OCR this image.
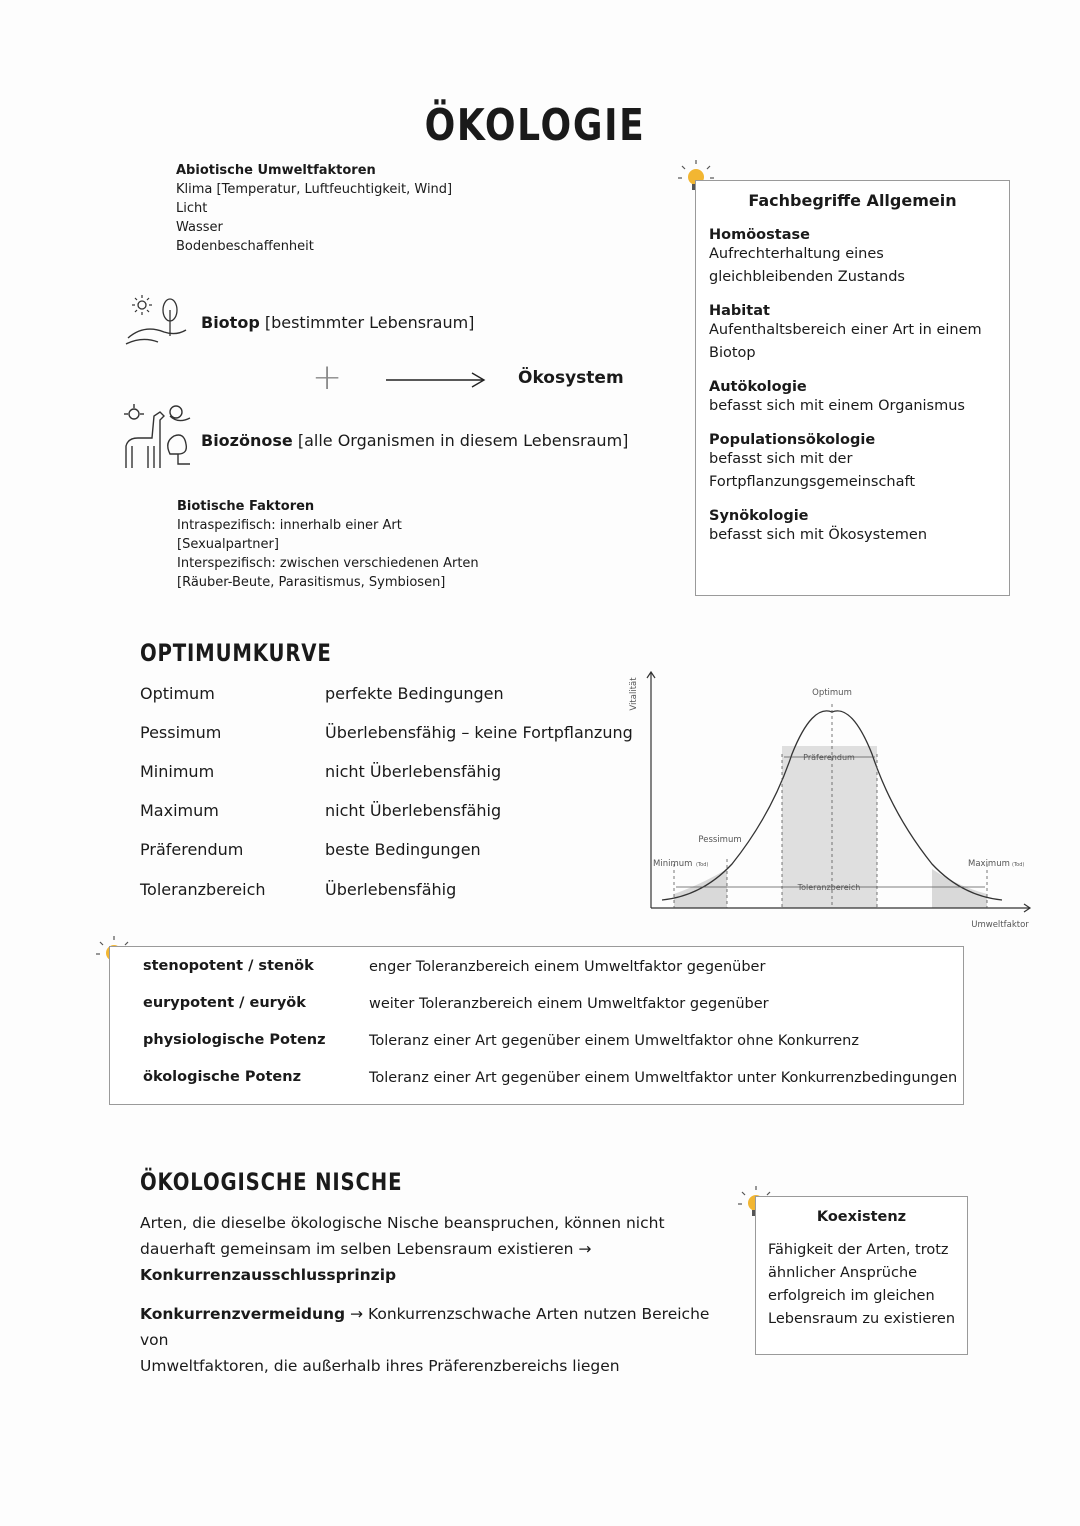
ÖKOLOGIE
Abiotische Umweltfaktoren
Klima [Temperatur, Luftfeuchtigkeit, Wind]
Licht
Wasser
Bodenbeschaffenheit
Biotop [bestimmter Lebensraum]
+	Ökosystem
Biozönose [alle Organismen in diesem Lebensraum]
Biotische Faktoren
Intraspezifisch: innerhalb einer Art
[Sexualpartner]
Interspezifisch: zwischen verschiedenen Arten
[Räuber-Beute, Parasitismus, Symbiosen]
Fachbegriffe Allgemein
Homöostase
Aufrechterhaltung eines
gleichbleibenden Zustands
Habitat
Aufenthaltsbereich einer Art in einem
Biotop
Autökologie
befasst sich mit einem Organismus
Populationsökologie
befasst sich mit der
Fortpflanzungsgemeinschaft
Synökologie
befasst sich mit Ökosystemen
OPTIMUMKURVE
Optimum	perfekte Bedingungen
Pessimum	Überlebensfähig – keine Fortpflanzung
Minimum	nicht Überlebensfähig
Maximum	nicht Überlebensfähig
Präferendum	beste Bedingungen
Toleranzbereich	Überlebensfähig
Vitalität	Optimum
Präferendum
Pessimum
Minimum (Tod)	Maximum (Tod)
Toleranzbereich
Umweltfaktor
stenopotent / stenök	enger Toleranzbereich einem Umweltfaktor gegenüber
eurypotent / euryök	weiter Toleranzbereich einem Umweltfaktor gegenüber
physiologische Potenz	Toleranz einer Art gegenüber einem Umweltfaktor ohne Konkurrenz
ökologische Potenz	Toleranz einer Art gegenüber einem Umweltfaktor unter Konkurrenzbedingungen
ÖKOLOGISCHE NISCHE
Arten, die dieselbe ökologische Nische beanspruchen, können nicht
dauerhaft gemeinsam im selben Lebensraum existieren →
Konkurrenzausschlussprinzip
Konkurrenzvermeidung → Konkurrenzschwache Arten nutzen Bereiche von
Umweltfaktoren, die außerhalb ihres Präferenzbereichs liegen
Koexistenz
Fähigkeit der Arten, trotz
ähnlicher Ansprüche
erfolgreich im gleichen
Lebensraum zu existieren
